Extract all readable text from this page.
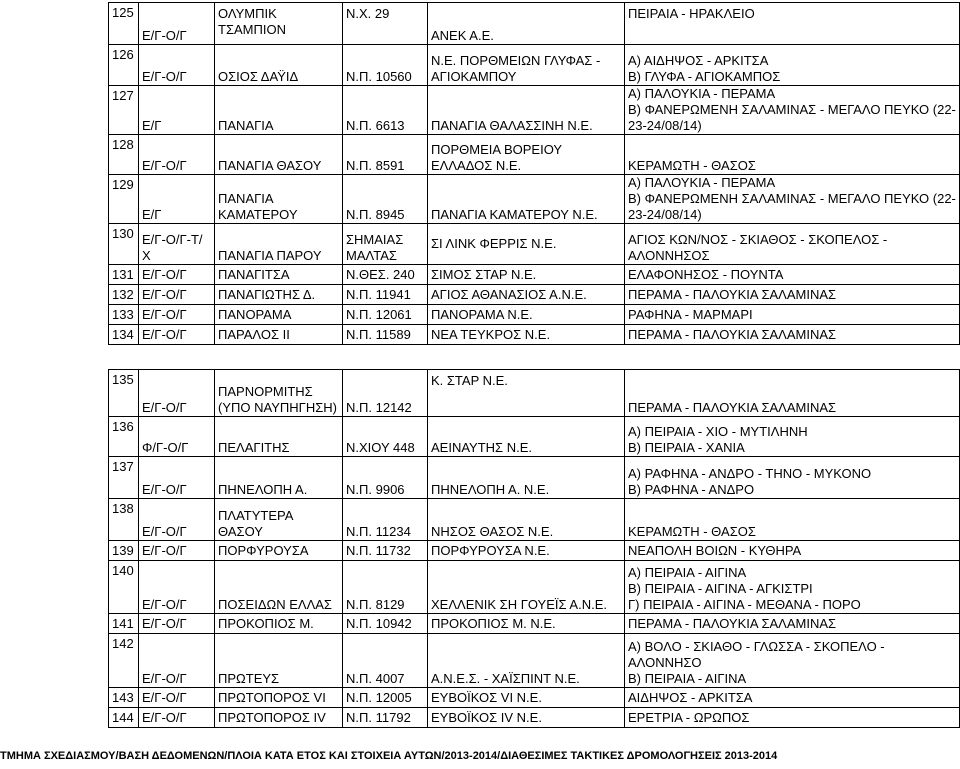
125	Ε/Γ-Ο/Γ	ΟΛΥΜΠΙΚ ΤΣΑΜΠΙΟΝ	Ν.Χ. 29	ΑΝΕΚ Α.Ε.	ΠΕΙΡΑΙΑ - ΗΡΑΚΛΕΙΟ
126	Ε/Γ-Ο/Γ	ΟΣΙΟΣ ΔΑΫΙΔ	Ν.Π. 10560	Ν.Ε. ΠΟΡΘΜΕΙΩΝ ΓΛΥΦΑΣ - ΑΓΙΟΚΑΜΠΟΥ	Α) ΑΙΔΗΨΟΣ - ΑΡΚΙΤΣΑ
Β) ΓΛΥΦΑ - ΑΓΙΟΚΑΜΠΟΣ
127	Ε/Γ	ΠΑΝΑΓΙΑ	Ν.Π. 6613	ΠΑΝΑΓΙΑ ΘΑΛΑΣΣΙΝΗ Ν.Ε.	Α) ΠΑΛΟΥΚΙΑ - ΠΕΡΑΜΑ
Β) ΦΑΝΕΡΩΜΕΝΗ ΣΑΛΑΜΙΝΑΣ - ΜΕΓΑΛΟ ΠΕΥΚΟ (22-23-24/08/14)
128	Ε/Γ-Ο/Γ	ΠΑΝΑΓΙΑ ΘΑΣΟΥ	Ν.Π. 8591	ΠΟΡΘΜΕΙΑ ΒΟΡΕΙΟΥ ΕΛΛΑΔΟΣ Ν.Ε.	ΚΕΡΑΜΩΤΗ - ΘΑΣΟΣ
129	Ε/Γ	ΠΑΝΑΓΙΑ ΚΑΜΑΤΕΡΟΥ	Ν.Π. 8945	ΠΑΝΑΓΙΑ ΚΑΜΑΤΕΡΟΥ Ν.Ε.	Α) ΠΑΛΟΥΚΙΑ - ΠΕΡΑΜΑ
Β) ΦΑΝΕΡΩΜΕΝΗ ΣΑΛΑΜΙΝΑΣ - ΜΕΓΑΛΟ ΠΕΥΚΟ (22-23-24/08/14)
130	Ε/Γ-Ο/Γ-Τ/Χ	ΠΑΝΑΓΙΑ ΠΑΡΟΥ	ΣΗΜΑΙΑΣ ΜΑΛΤΑΣ	ΣΙ ΛΙΝΚ ΦΕΡΡΙΣ Ν.Ε.	ΑΓΙΟΣ ΚΩΝ/ΝΟΣ - ΣΚΙΑΘΟΣ - ΣΚΟΠΕΛΟΣ - ΑΛΟΝΝΗΣΟΣ
131	Ε/Γ-Ο/Γ	ΠΑΝΑΓΙΤΣΑ	Ν.ΘΕΣ. 240	ΣΙΜΟΣ ΣΤΑΡ Ν.Ε.	ΕΛΑΦΟΝΗΣΟΣ - ΠΟΥΝΤΑ
132	Ε/Γ-Ο/Γ	ΠΑΝΑΓΙΩΤΗΣ Δ.	Ν.Π. 11941	ΑΓΙΟΣ ΑΘΑΝΑΣΙΟΣ Α.Ν.Ε.	ΠΕΡΑΜΑ - ΠΑΛΟΥΚΙΑ ΣΑΛΑΜΙΝΑΣ
133	Ε/Γ-Ο/Γ	ΠΑΝΟΡΑΜΑ	Ν.Π. 12061	ΠΑΝΟΡΑΜΑ Ν.Ε.	ΡΑΦΗΝΑ - ΜΑΡΜΑΡΙ
134	Ε/Γ-Ο/Γ	ΠΑΡΑΛΟΣ ΙΙ	Ν.Π. 11589	ΝΕΑ ΤΕΥΚΡΟΣ Ν.Ε.	ΠΕΡΑΜΑ - ΠΑΛΟΥΚΙΑ ΣΑΛΑΜΙΝΑΣ
135	Ε/Γ-Ο/Γ	ΠΑΡΝΟΡΜΙΤΗΣ (ΥΠΟ ΝΑΥΠΗΓΗΣΗ)	Ν.Π. 12142	Κ. ΣΤΑΡ Ν.Ε.	ΠΕΡΑΜΑ - ΠΑΛΟΥΚΙΑ ΣΑΛΑΜΙΝΑΣ
136	Φ/Γ-Ο/Γ	ΠΕΛΑΓΙΤΗΣ	Ν.ΧΙΟΥ 448	ΑΕΙΝΑΥΤΗΣ Ν.Ε.	Α) ΠΕΙΡΑΙΑ - ΧΙΟ - ΜΥΤΙΛΗΝΗ
Β) ΠΕΙΡΑΙΑ - ΧΑΝΙΑ
137	Ε/Γ-Ο/Γ	ΠΗΝΕΛΟΠΗ Α.	Ν.Π. 9906	ΠΗΝΕΛΟΠΗ Α. Ν.Ε.	Α) ΡΑΦΗΝΑ - ΑΝΔΡΟ - ΤΗΝΟ - ΜΥΚΟΝΟ
Β) ΡΑΦΗΝΑ - ΑΝΔΡΟ
138	Ε/Γ-Ο/Γ	ΠΛΑΤΥΤΕΡΑ ΘΑΣΟΥ	Ν.Π. 11234	ΝΗΣΟΣ ΘΑΣΟΣ Ν.Ε.	ΚΕΡΑΜΩΤΗ - ΘΑΣΟΣ
139	Ε/Γ-Ο/Γ	ΠΟΡΦΥΡΟΥΣΑ	Ν.Π. 11732	ΠΟΡΦΥΡΟΥΣΑ Ν.Ε.	ΝΕΑΠΟΛΗ ΒΟΙΩΝ - ΚΥΘΗΡΑ
140	Ε/Γ-Ο/Γ	ΠΟΣΕΙΔΩΝ ΕΛΛΑΣ	Ν.Π. 8129	ΧΕΛΛΕΝΙΚ ΣΗ ΓΟΥΕΪΣ Α.Ν.Ε.	Α) ΠΕΙΡΑΙΑ - ΑΙΓΙΝΑ
Β) ΠΕΙΡΑΙΑ - ΑΙΓΙΝΑ - ΑΓΚΙΣΤΡΙ
Γ) ΠΕΙΡΑΙΑ - ΑΙΓΙΝΑ - ΜΕΘΑΝΑ - ΠΟΡΟ
141	Ε/Γ-Ο/Γ	ΠΡΟΚΟΠΙΟΣ Μ.	Ν.Π. 10942	ΠΡΟΚΟΠΙΟΣ Μ. Ν.Ε.	ΠΕΡΑΜΑ - ΠΑΛΟΥΚΙΑ ΣΑΛΑΜΙΝΑΣ
142	Ε/Γ-Ο/Γ	ΠΡΩΤΕΥΣ	Ν.Π. 4007	Α.Ν.Ε.Σ. - ΧΑΪΣΠΙΝΤ Ν.Ε.	Α) ΒΟΛΟ - ΣΚΙΑΘΟ - ΓΛΩΣΣΑ - ΣΚΟΠΕΛΟ - ΑΛΟΝΝΗΣΟ
Β) ΠΕΙΡΑΙΑ - ΑΙΓΙΝΑ
143	Ε/Γ-Ο/Γ	ΠΡΩΤΟΠΟΡΟΣ VI	Ν.Π. 12005	ΕΥΒΟΪΚΟΣ VI Ν.Ε.	ΑΙΔΗΨΟΣ - ΑΡΚΙΤΣΑ
144	Ε/Γ-Ο/Γ	ΠΡΩΤΟΠΟΡΟΣ IV	Ν.Π. 11792	ΕΥΒΟΪΚΟΣ IV Ν.Ε.	ΕΡΕΤΡΙΑ - ΩΡΩΠΟΣ
ΤΜΗΜΑ ΣΧΕΔΙΑΣΜΟΥ/ΒΑΣΗ ΔΕΔΟΜΕΝΩΝ/ΠΛΟΙΑ ΚΑΤΑ ΕΤΟΣ ΚΑΙ ΣΤΟΙΧΕΙΑ ΑΥΤΩΝ/2013-2014/ΔΙΑΘΕΣΙΜΕΣ ΤΑΚΤΙΚΕΣ ΔΡΟΜΟΛΟΓΗΣΕΙΣ 2013-2014
